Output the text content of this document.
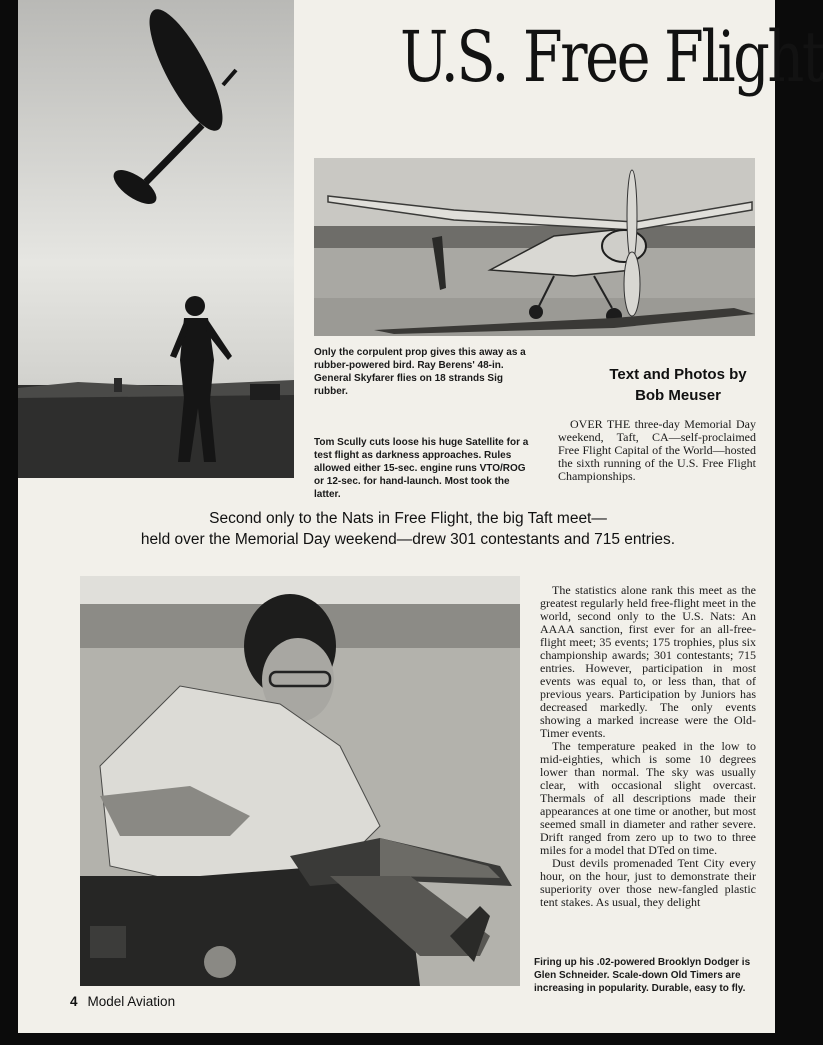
U.S. Free Flight
Only the corpulent prop gives this away as a rubber-powered bird. Ray Berens' 48-in. General Skyfarer flies on 18 strands Sig rubber.
Text and Photos by
Bob Meuser
Tom Scully cuts loose his huge Satellite for a test flight as darkness approaches. Rules allowed either 15-sec. engine runs VTO/ROG or 12-sec. for hand-launch. Most took the latter.

OVER THE three-day Memorial Day weekend, Taft, CA—self-proclaimed Free Flight Capital of the World—hosted the sixth running of the U.S. Free Flight Championships.

Second only to the Nats in Free Flight, the big Taft meet—
held over the Memorial Day weekend—drew 301 contestants and 715 entries.

The statistics alone rank this meet as the greatest regularly held free-flight meet in the world, second only to the U.S. Nats: An AAAA sanction, first ever for an all-free-flight meet; 35 events; 175 trophies, plus six championship awards; 301 contestants; 715 entries. However, participation in most events was equal to, or less than, that of previous years. Participation by Juniors has decreased markedly. The only events showing a marked increase were the Old-Timer events.

The temperature peaked in the low to mid-eighties, which is some 10 degrees lower than normal. The sky was usually clear, with occasional slight overcast. Thermals of all descriptions made their appearances at one time or another, but most seemed small in diameter and rather severe. Drift ranged from zero up to two to three miles for a model that DTed on time.

Dust devils promenaded Tent City every hour, on the hour, just to demonstrate their superiority over those new-fangled plastic tent stakes. As usual, they delight

Firing up his .02-powered Brooklyn Dodger is Glen Schneider. Scale-down Old Timers are increasing in popularity. Durable, easy to fly.
4 Model Aviation
